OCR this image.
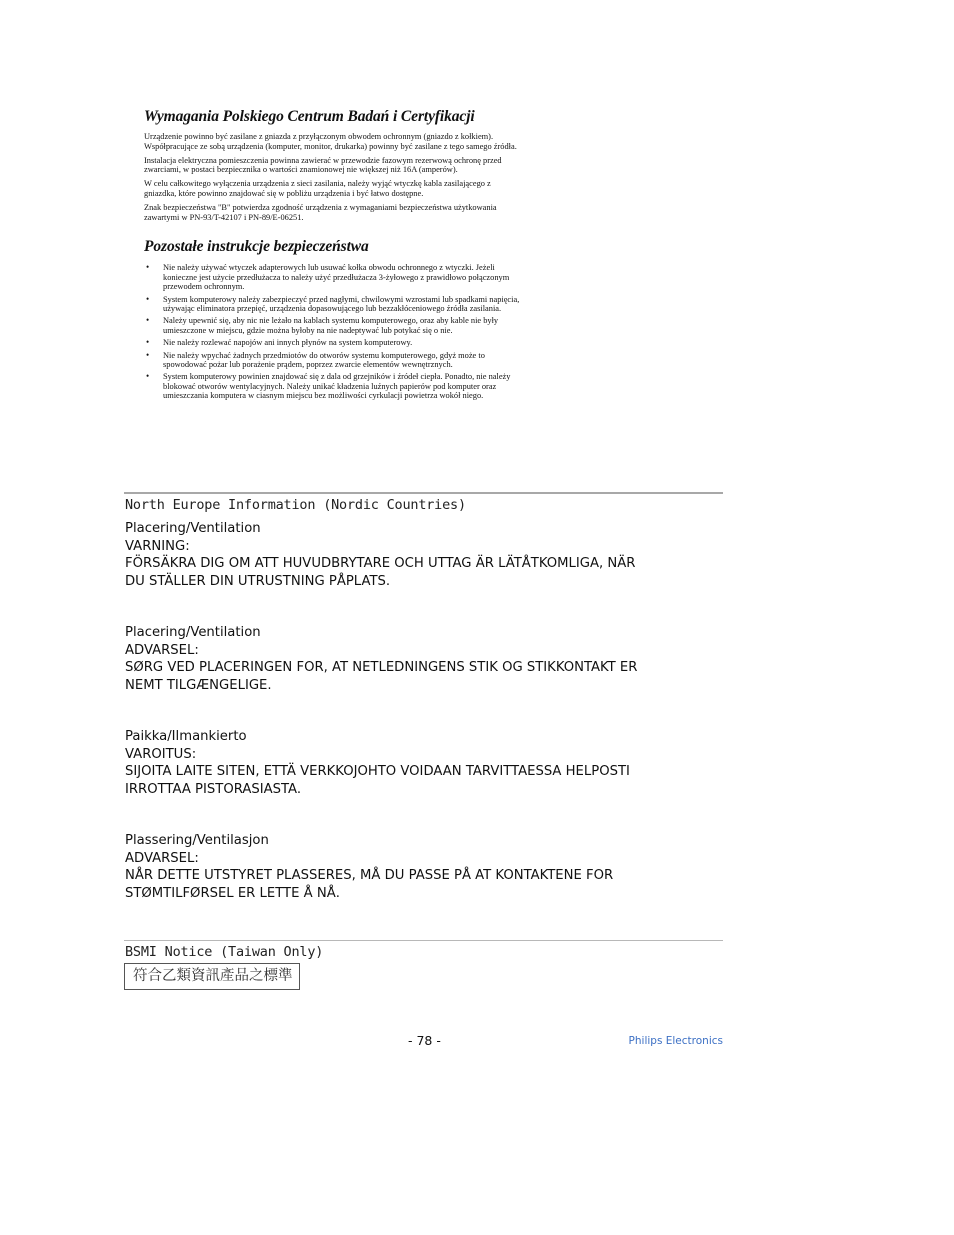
Wymagania Polskiego Centrum Badań i Certyfikacji

Urządzenie powinno być zasilane z gniazda z przyłączonym obwodem ochronnym (gniazdo z kołkiem). Współpracujące ze sobą urządzenia (komputer, monitor, drukarka) powinny być zasilane z tego samego źródła.

Instalacja elektryczna pomieszczenia powinna zawierać w przewodzie fazowym rezerwową ochronę przed zwarciami, w postaci bezpiecznika o wartości znamionowej nie większej niż 16A (amperów).

W celu całkowitego wyłączenia urządzenia z sieci zasilania, należy wyjąć wtyczkę kabla zasilającego z gniazdka, które powinno znajdować się w pobliżu urządzenia i być łatwo dostępne.

Znak bezpieczeństwa "B" potwierdza zgodność urządzenia z wymaganiami bezpieczeństwa użytkowania zawartymi w PN-93/T-42107 i PN-89/E-06251.

Pozostałe instrukcje bezpieczeństwa
• Nie należy używać wtyczek adapterowych lub usuwać kołka obwodu ochronnego z wtyczki. Jeżeli konieczne jest użycie przedłużacza to należy użyć przedłużacza 3-żyłowego z prawidłowo połączonym przewodem ochronnym.
• System komputerowy należy zabezpieczyć przed nagłymi, chwilowymi wzrostami lub spadkami napięcia, używając eliminatora przepięć, urządzenia dopasowującego lub bezzakłóceniowego źródła zasilania.
• Należy upewnić się, aby nic nie leżało na kablach systemu komputerowego, oraz aby kable nie były umieszczone w miejscu, gdzie można byłoby na nie nadeptywać lub potykać się o nie.
• Nie należy rozlewać napojów ani innych płynów na system komputerowy.
• Nie należy wpychać żadnych przedmiotów do otworów systemu komputerowego, gdyż może to spowodować pożar lub porażenie prądem, poprzez zwarcie elementów wewnętrznych.
• System komputerowy powinien znajdować się z dala od grzejników i źródeł ciepła. Ponadto, nie należy blokować otworów wentylacyjnych. Należy unikać kładzenia luźnych papierów pod komputer oraz umieszczania komputera w ciasnym miejscu bez możliwości cyrkulacji powietrza wokół niego.
North Europe Information (Nordic Countries)
Placering/Ventilation
VARNING:
FÖRSÄKRA DIG OM ATT HUVUDBRYTARE OCH UTTAG ÄR LÄTÅTKOMLIGA, NÄR
DU STÄLLER DIN UTRUSTNING PÅPLATS.
Placering/Ventilation
ADVARSEL:
SØRG VED PLACERINGEN FOR, AT NETLEDNINGENS STIK OG STIKKONTAKT ER
NEMT TILGÆNGELIGE.
Paikka/Ilmankierto
VAROITUS:
SIJOITA LAITE SITEN, ETTÄ VERKKOJOHTO VOIDAAN TARVITTAESSA HELPOSTI
IRROTTAA PISTORASIASTA.
Plassering/Ventilasjon
ADVARSEL:
NÅR DETTE UTSTYRET PLASSERES, MÅ DU PASSE PÅ AT KONTAKTENE FOR
STØMTILFØRSEL ER LETTE Å NÅ.
BSMI Notice (Taiwan Only)
符合乙類資訊產品之標準
- 78 -	Philips Electronics
